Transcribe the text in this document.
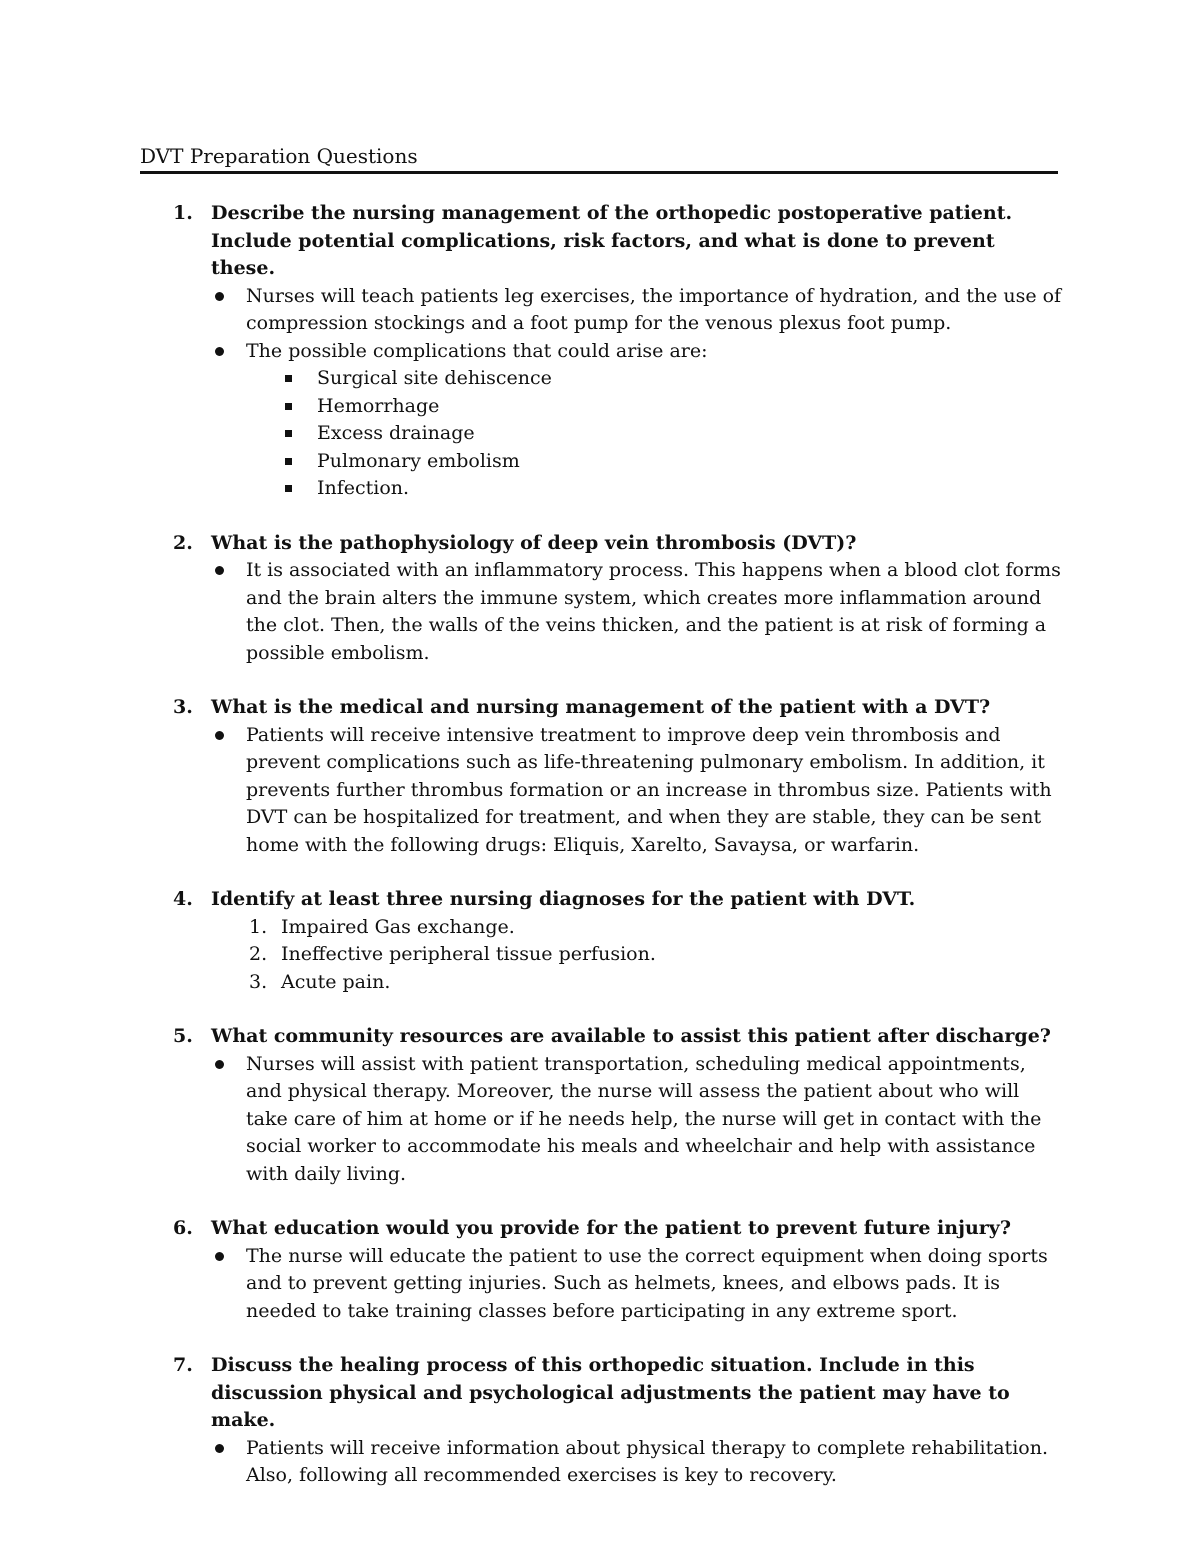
DVT Preparation Questions
1. Describe the nursing management of the orthopedic postoperative patient. Include potential complications, risk factors, and what is done to prevent these.
Nurses will teach patients leg exercises, the importance of hydration, and the use of compression stockings and a foot pump for the venous plexus foot pump.
The possible complications that could arise are:
Surgical site dehiscence
Hemorrhage
Excess drainage
Pulmonary embolism
Infection.
2. What is the pathophysiology of deep vein thrombosis (DVT)?
It is associated with an inflammatory process. This happens when a blood clot forms and the brain alters the immune system, which creates more inflammation around the clot. Then, the walls of the veins thicken, and the patient is at risk of forming a possible embolism.
3. What is the medical and nursing management of the patient with a DVT?
Patients will receive intensive treatment to improve deep vein thrombosis and prevent complications such as life-threatening pulmonary embolism. In addition, it prevents further thrombus formation or an increase in thrombus size. Patients with DVT can be hospitalized for treatment, and when they are stable, they can be sent home with the following drugs: Eliquis, Xarelto, Savaysa, or warfarin.
4. Identify at least three nursing diagnoses for the patient with DVT.
1. Impaired Gas exchange.
2. Ineffective peripheral tissue perfusion.
3. Acute pain.
5. What community resources are available to assist this patient after discharge?
Nurses will assist with patient transportation, scheduling medical appointments, and physical therapy. Moreover, the nurse will assess the patient about who will take care of him at home or if he needs help, the nurse will get in contact with the social worker to accommodate his meals and wheelchair and help with assistance with daily living.
6. What education would you provide for the patient to prevent future injury?
The nurse will educate the patient to use the correct equipment when doing sports and to prevent getting injuries. Such as helmets, knees, and elbows pads. It is needed to take training classes before participating in any extreme sport.
7. Discuss the healing process of this orthopedic situation. Include in this discussion physical and psychological adjustments the patient may have to make.
Patients will receive information about physical therapy to complete rehabilitation. Also, following all recommended exercises is key to recovery.
